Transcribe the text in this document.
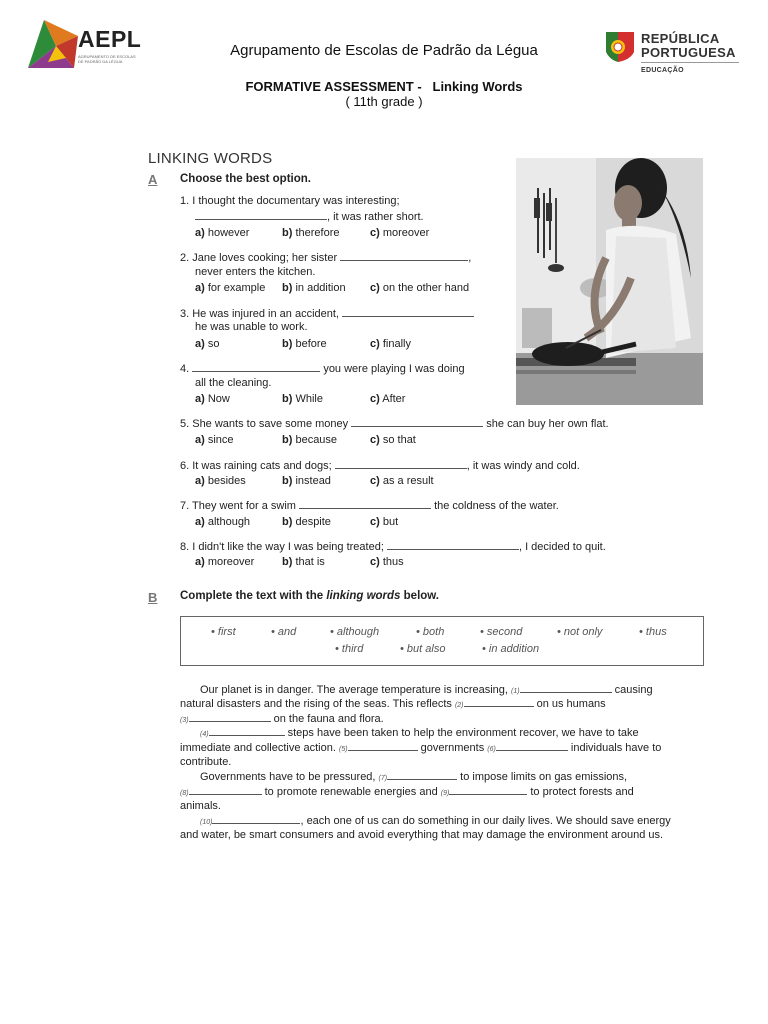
AEPL
AGRUPAMENTO DE ESCOLAS DE PADRÃO DA LÉGUA
Agrupamento de Escolas de Padrão da Légua
FORMATIVE ASSESSMENT -   Linking Words
( 11th grade )
REPÚBLICA
PORTUGUESA
EDUCAÇÃO
LINKING WORDS
A Choose the best option.
1. I thought the documentary was interesting;
, it was rather short.
2. Jane loves cooking; her sister	,
never enters the kitchen.
3. He was injured in an accident,
he was unable to work.
4.	you were playing I was doing
all the cleaning.
5. She wants to save some money	she can buy her own flat.
6. It was raining cats and dogs;	, it was windy and cold.
7. They went for a swim	the coldness of the water.
8. I didn't like the way I was being treated;	, I decided to quit.
a) however	b) therefore	c) moreover
a) for example b) in addition c) on the other hand
a) so	b) before	c) finally
a) Now	b) While	c) After
a) since	b) because	c) so that
a) besides	b) instead	c) as a result
a) although	b) despite	c) but
a) moreover	b) that is	c) thus
B Complete the text with the linking words below.
• first	• and	• although	• both	• second	• not only	• thus
• third	• but also	• in addition
Our planet is in danger. The average temperature is increasing, (1)	causing
natural disasters and the rising of the seas. This reflects (2)	on us humans
(3)	on the fauna and flora.
(4)	steps have been taken to help the environment recover, we have to take
immediate and collective action. (5)	governments (6)	individuals have to
contribute.
Governments have to be pressured, (7)	to impose limits on gas emissions,
(8)	to promote renewable energies and (9)	to protect forests and
animals.
(10)	, each one of us can do something in our daily lives. We should save energy
and water, be smart consumers and avoid everything that may damage the environment around us.
